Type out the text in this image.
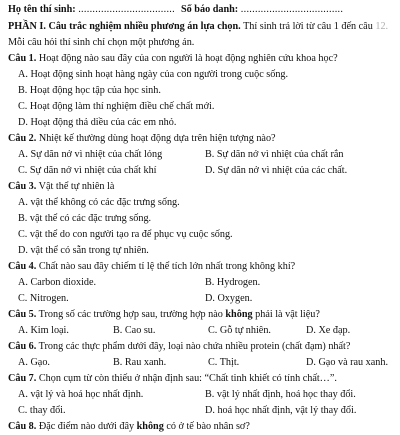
Họ tên thí sinh: .................................. Số báo danh: ....................................
PHẦN I. Câu trắc nghiệm nhiều phương án lựa chọn. Thí sinh trả lời từ câu 1 đến câu 12.
Mỗi câu hỏi thí sinh chỉ chọn một phương án.
Câu 1. Hoạt động nào sau đây của con người là hoạt động nghiên cứu khoa học?
A. Hoạt động sinh hoạt hàng ngày của con người trong cuộc sống.
B. Hoạt động học tập của học sinh.
C. Hoạt động làm thí nghiệm điều chế chất mới.
D. Hoạt động thả diều của các em nhỏ.
Câu 2. Nhiệt kế thường dùng hoạt động dựa trên hiện tượng nào?
A. Sự dãn nở vì nhiệt của chất lỏng	B. Sự dãn nở vì nhiệt của chất rắn
C. Sự dãn nở vì nhiệt của chất khí	D. Sự dãn nở vì nhiệt của các chất.
Câu 3. Vật thể tự nhiên là
A. vật thể không có các đặc trưng sống.
B. vật thể có các đặc trưng sống.
C. vật thể do con người tạo ra để phục vụ cuộc sống.
D. vật thể có sẵn trong tự nhiên.
Câu 4. Chất nào sau đây chiếm tỉ lệ thể tích lớn nhất trong không khí?
A. Carbon dioxide.	B. Hydrogen.
C. Nitrogen.	D. Oxygen.
Câu 5. Trong số các trường hợp sau, trường hợp nào không phải là vật liệu?
A. Kim loại.	B. Cao su.	C. Gỗ tự nhiên.	D. Xe đạp.
Câu 6. Trong các thực phẩm dưới đây, loại nào chứa nhiều protein (chất đạm) nhất?
A. Gạo.	B. Rau xanh.	C. Thịt.	D. Gạo và rau xanh.
Câu 7. Chọn cụm từ còn thiếu ở nhận định sau: “Chất tinh khiết có tính chất…”.
A. vật lý và hoá học nhất định.	B. vật lý nhất định, hoá học thay đổi.
C. thay đổi.	D. hoá học nhất định, vật lý thay đổi.
Câu 8. Đặc điểm nào dưới đây không có ở tế bào nhân sơ?
